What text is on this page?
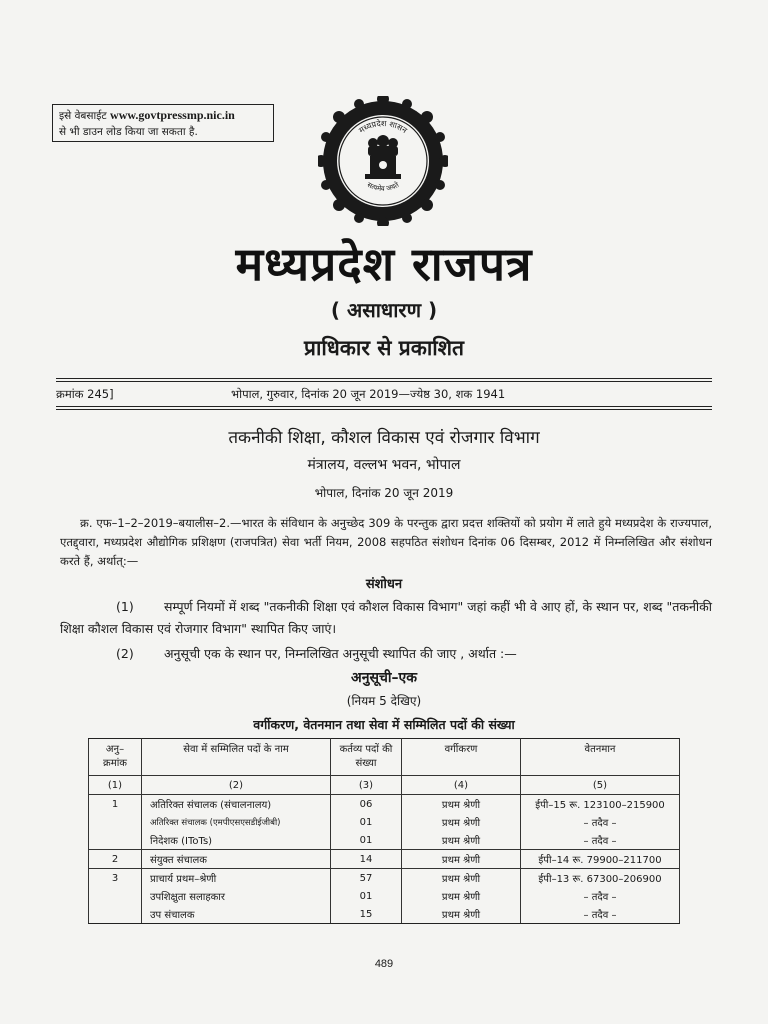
इसे वेबसाईट www.govtpressmp.nic.in
से भी डाउन लोड किया जा सकता है.	मध्यप्रदेश शासन
सत्यमेव जयते
मध्यप्रदेश राजपत्र
( असाधारण )
प्राधिकार से प्रकाशित
क्रमांक 245]	भोपाल, गुरुवार, दिनांक 20 जून 2019—ज्येष्ठ 30, शक 1941
तकनीकी शिक्षा, कौशल विकास एवं रोजगार विभाग
मंत्रालय, वल्लभ भवन, भोपाल
भोपाल, दिनांक 20 जून 2019
क्र. एफ–1–2–2019–बयालीस–2.—भारत के संविधान के अनुच्छेद 309 के परन्तुक द्वारा प्रदत्त शक्तियों को प्रयोग में लाते हुये मध्यप्रदेश के राज्यपाल, एतद्द्वारा, मध्यप्रदेश औद्योगिक प्रशिक्षण (राजपत्रित) सेवा भर्ती नियम, 2008 सहपठित संशोधन दिनांक 06 दिसम्बर, 2012 में निम्नलिखित और संशोधन करते हैं, अर्थात्:—
संशोधन
(1) सम्पूर्ण नियमों में शब्द "तकनीकी शिक्षा एवं कौशल विकास विभाग" जहां कहीं भी वे आए हों, के स्थान पर, शब्द "तकनीकी शिक्षा कौशल विकास एवं रोजगार विभाग" स्थापित किए जाएं।
(2) अनुसूची एक के स्थान पर, निम्नलिखित अनुसूची स्थापित की जाए , अर्थात :—
अनुसूची–एक
(नियम 5 देखिए)
वर्गीकरण, वेतनमान तथा सेवा में सम्मिलित पदों की संख्या
अनु– क्रमांक	सेवा में सम्मिलित पदों के नाम	कर्तव्य पदों की संख्या	वर्गीकरण	वेतनमान
(1)	(2)	(3)	(4)	(5)
1	अतिरिक्त संचालक (संचालनालय)	06	प्रथम श्रेणी	ईपी–15 रू. 123100–215900
	अतिरिक्त संचालक (एमपीएसएसडीईजीबी)	01	प्रथम श्रेणी	– तदैव –
	निदेशक (IToTs)	01	प्रथम श्रेणी	– तदैव –
2	संयुक्त संचालक	14	प्रथम श्रेणी	ईपी–14 रू. 79900–211700
3	प्राचार्य प्रथम–श्रेणी	57	प्रथम श्रेणी	ईपी–13 रू. 67300–206900
	उपशिक्षुता सलाहकार	01	प्रथम श्रेणी	– तदैव –
	उप संचालक	15	प्रथम श्रेणी	– तदैव –
489
